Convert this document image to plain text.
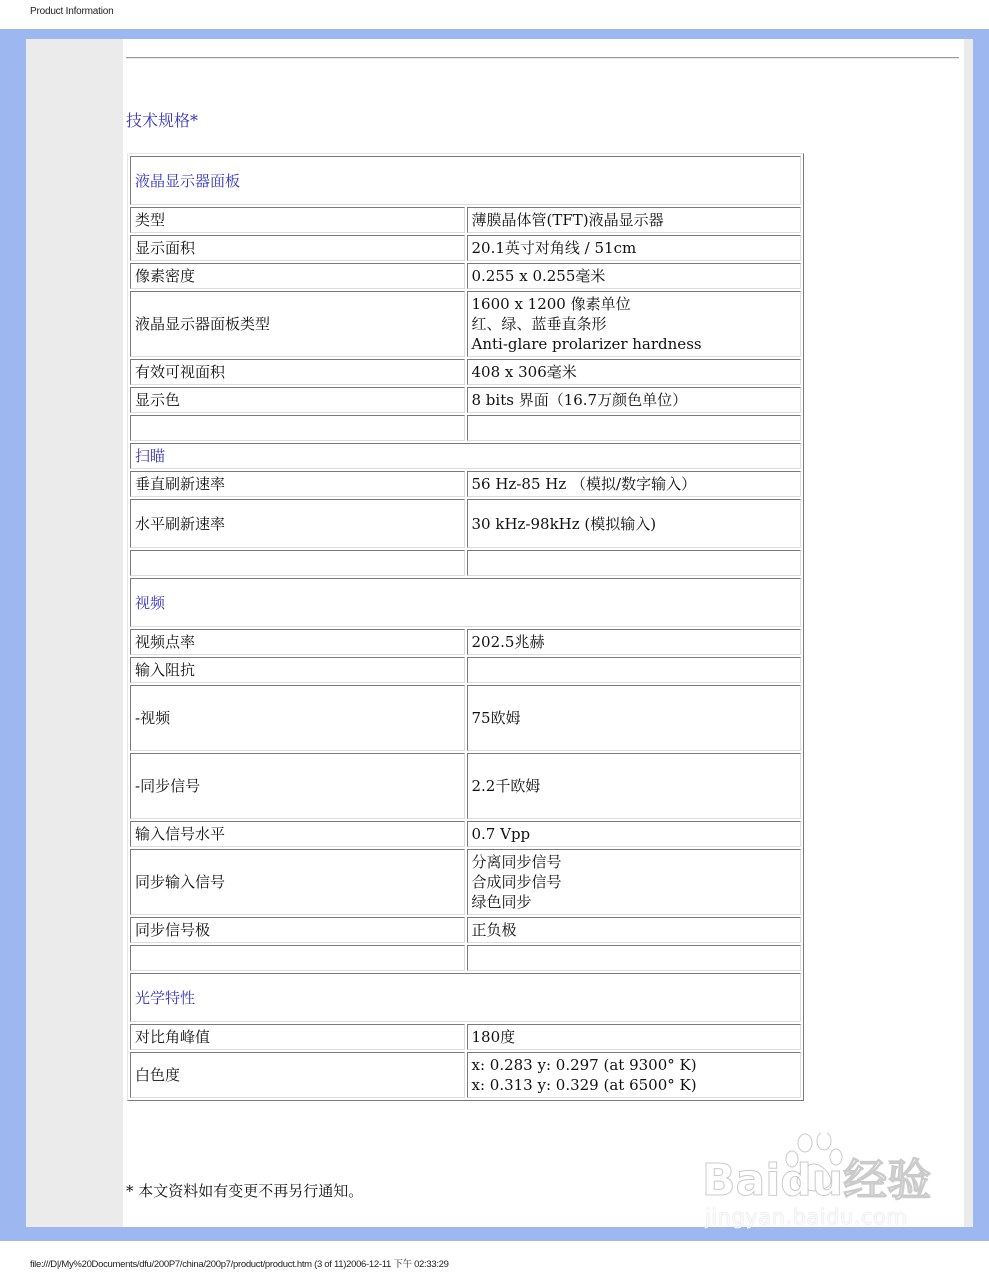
Product Information
技术规格*
液晶显示器面板	
类型	薄膜晶体管(TFT)液晶显示器
显示面积	20.1英寸对角线 / 51cm
像素密度	0.255 x 0.255毫米
液晶显示器面板类型	1600 x 1200 像素单位
红、绿、蓝垂直条形
Anti-glare prolarizer hardness
有效可视面积	408 x 306毫米
显示色	8 bits 界面（16.7万颜色单位）

扫瞄	
垂直刷新速率	56 Hz-85 Hz （模拟/数字输入）
水平刷新速率	30 kHz-98kHz (模拟输入)

视频	
视频点率	202.5兆赫
输入阻抗	
-视频	75欧姆
-同步信号	2.2千欧姆
输入信号水平	0.7 Vpp
同步输入信号	分离同步信号
合成同步信号
绿色同步
同步信号极	正负极

光学特性	
对比角峰值	180度
白色度	x: 0.283 y: 0.297 (at 9300° K)
x: 0.313 y: 0.329 (at 6500° K)
* 本文资料如有变更不再另行通知。	Baidu经验
jingyan.baidu.com
file:///D|/My%20Documents/dfu/200P7/china/200p7/product/product.htm (3 of 11)2006-12-11 下午 02:33:29
